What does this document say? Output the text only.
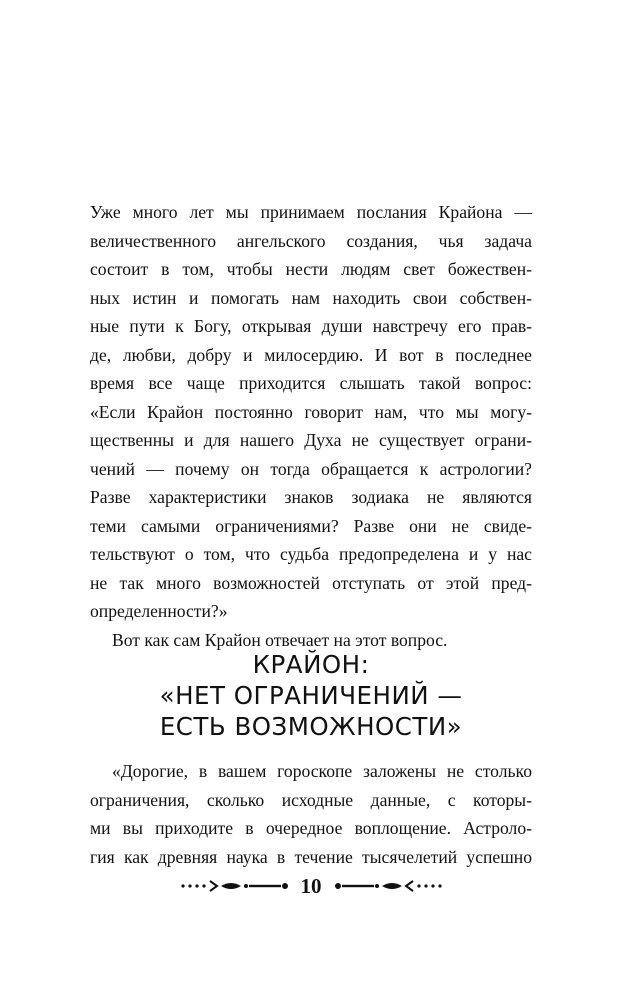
Уже много лет мы принимаем послания Крайона —
величественного ангельского создания, чья задача
состоит в том, чтобы нести людям свет божествен-
ных истин и помогать нам находить свои собствен-
ные пути к Богу, открывая души навстречу его прав-
де, любви, добру и милосердию. И вот в последнее
время все чаще приходится слышать такой вопрос:
«Если Крайон постоянно говорит нам, что мы могу-
щественны и для нашего Духа не существует ограни-
чений — почему он тогда обращается к астрологии?
Разве характеристики знаков зодиака не являются
теми самыми ограничениями? Разве они не свиде-
тельствуют о том, что судьба предопределена и у нас
не так много возможностей отступать от этой пред-
определенности?»
Вот как сам Крайон отвечает на этот вопрос.
КРАЙОН:
«НЕТ ОГРАНИЧЕНИЙ —
ЕСТЬ ВОЗМОЖНОСТИ»
«Дорогие, в вашем гороскопе заложены не столько
ограничения, сколько исходные данные, с которы-
ми вы приходите в очередное воплощение. Астроло-
гия как древняя наука в течение тысячелетий успешно
10
